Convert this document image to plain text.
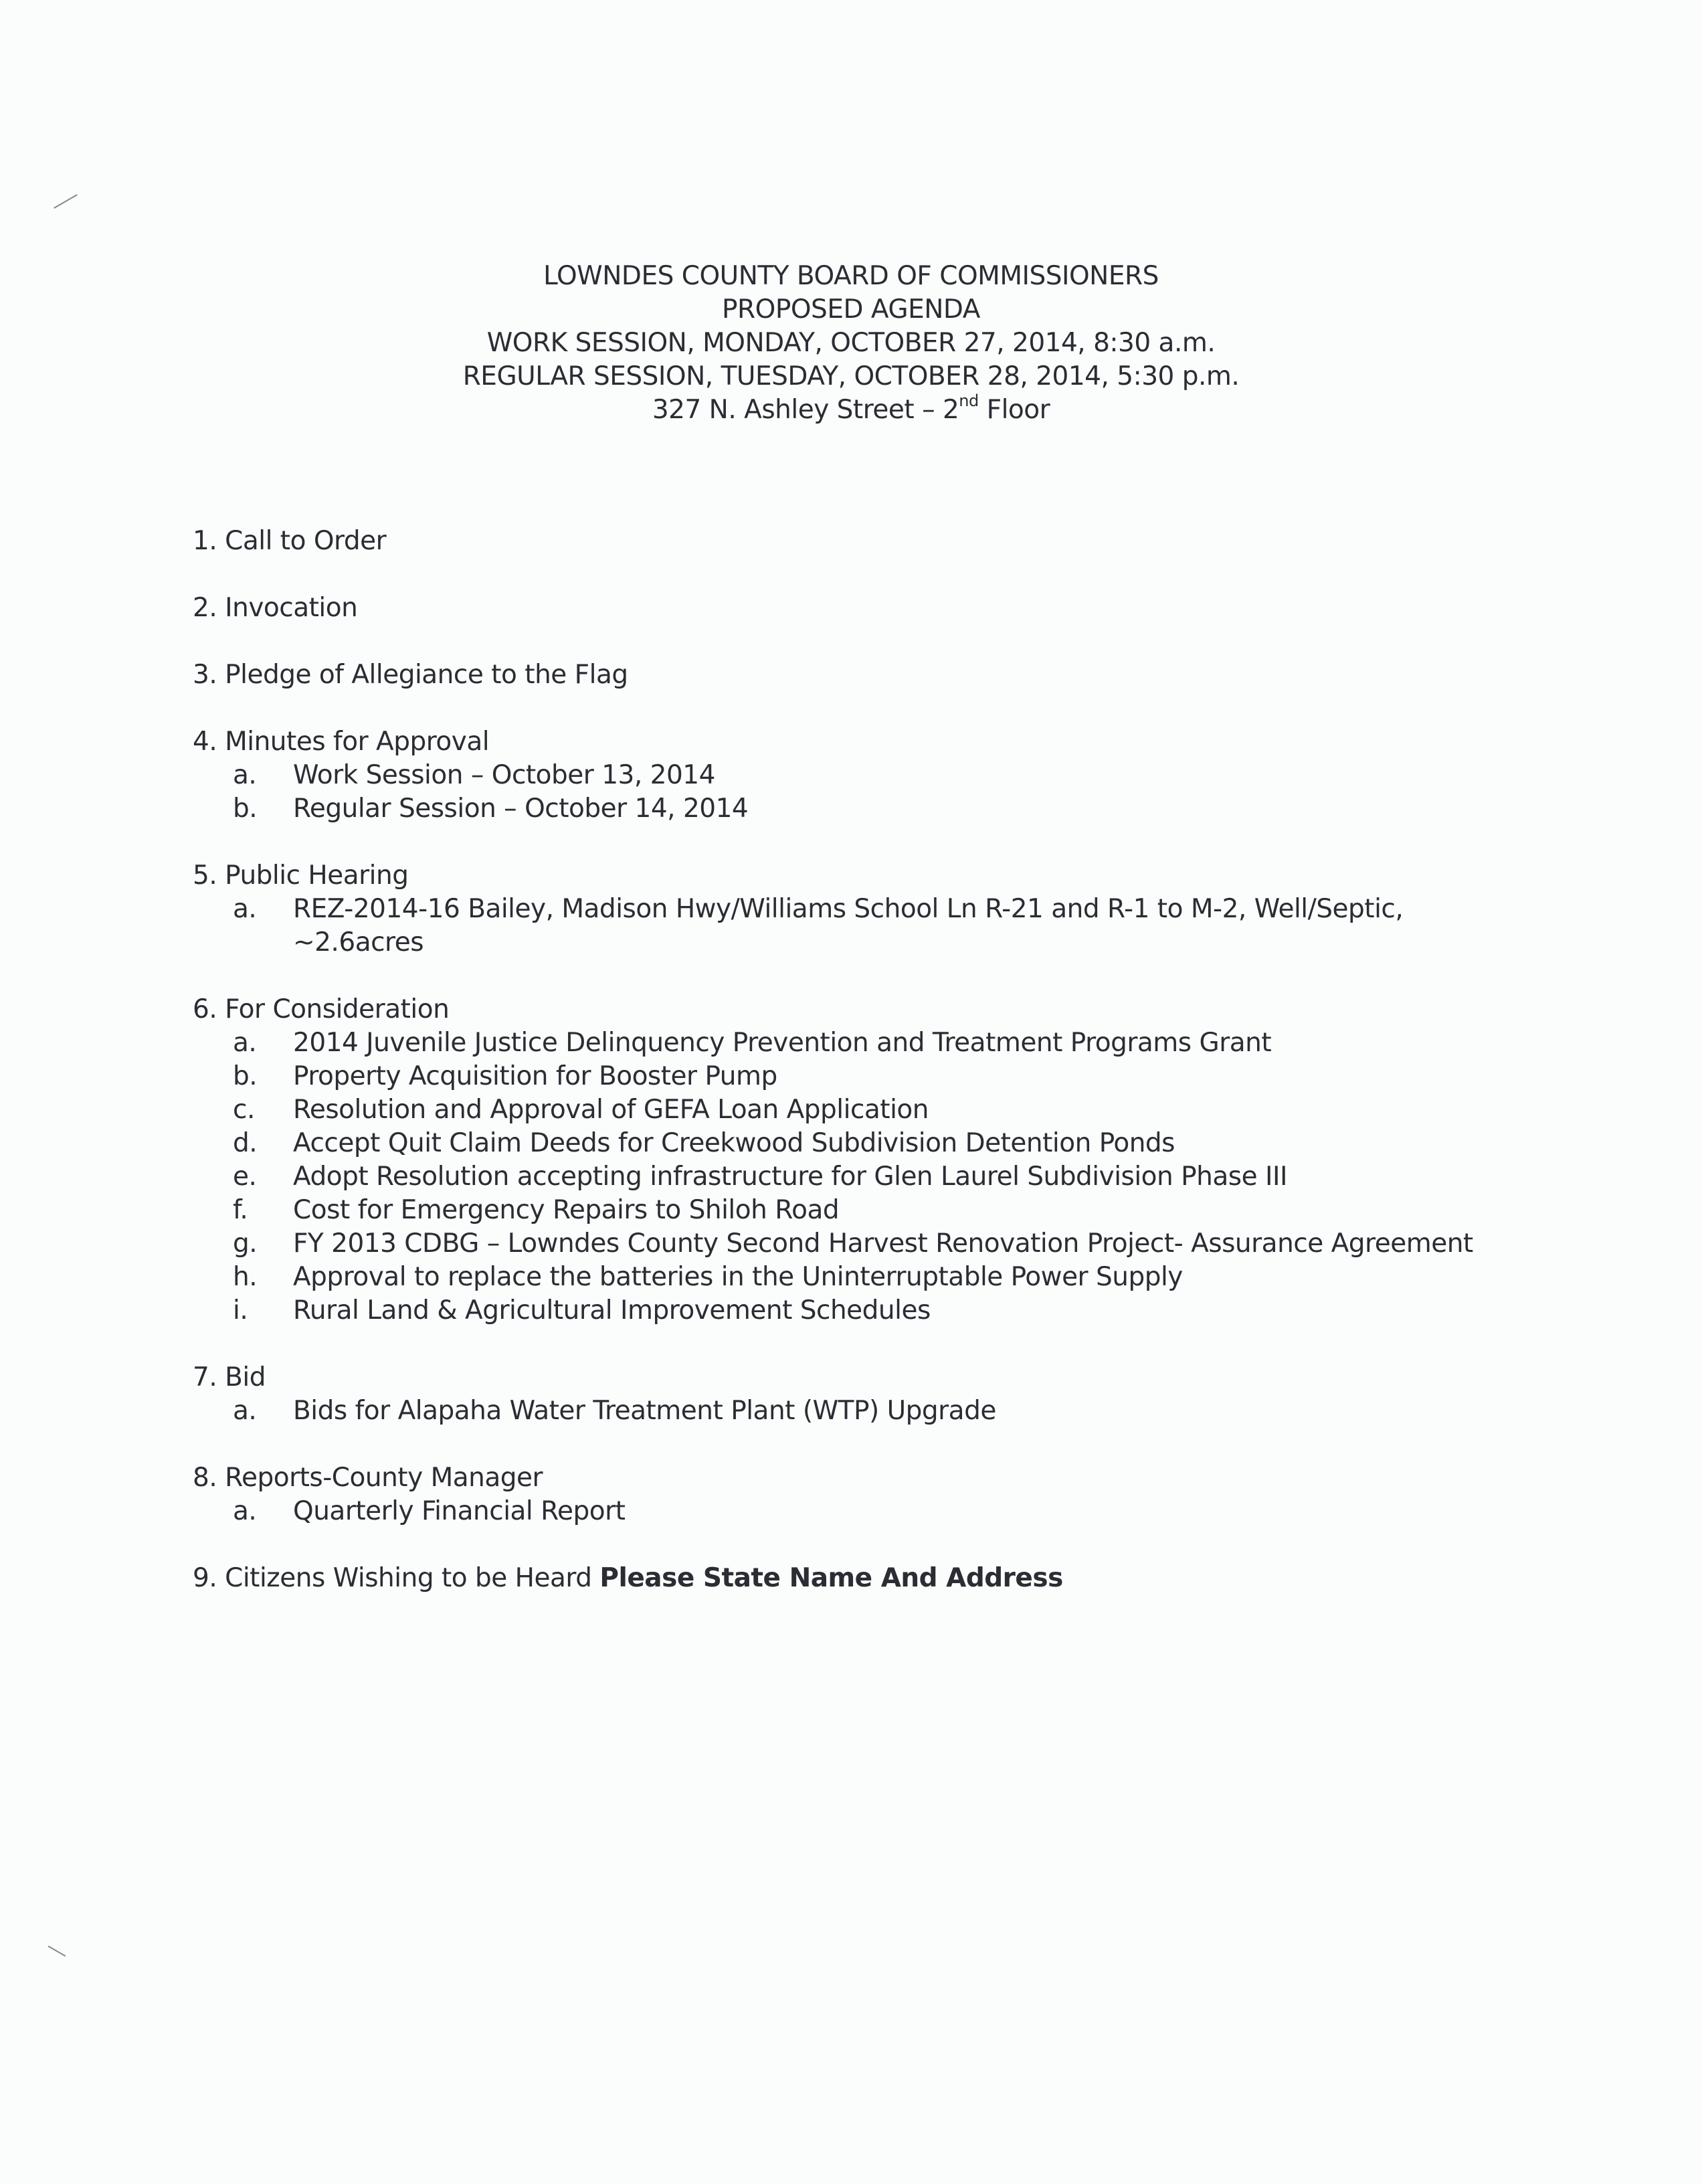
LOWNDES COUNTY BOARD OF COMMISSIONERS
PROPOSED AGENDA
WORK SESSION, MONDAY, OCTOBER 27, 2014, 8:30 a.m.
REGULAR SESSION, TUESDAY, OCTOBER 28, 2014, 5:30 p.m.
327 N. Ashley Street – 2nd Floor
1. Call to Order
2. Invocation
3. Pledge of Allegiance to the Flag
4. Minutes for Approval
a. Work Session – October 13, 2014
b. Regular Session – October 14, 2014
5. Public Hearing
a. REZ-2014-16 Bailey, Madison Hwy/Williams School Ln R-21 and R-1 to M-2, Well/Septic,
~2.6acres
6. For Consideration
a. 2014 Juvenile Justice Delinquency Prevention and Treatment Programs Grant
b. Property Acquisition for Booster Pump
c. Resolution and Approval of GEFA Loan Application
d. Accept Quit Claim Deeds for Creekwood Subdivision Detention Ponds
e. Adopt Resolution accepting infrastructure for Glen Laurel Subdivision Phase III
f. Cost for Emergency Repairs to Shiloh Road
g. FY 2013 CDBG – Lowndes County Second Harvest Renovation Project- Assurance Agreement
h. Approval to replace the batteries in the Uninterruptable Power Supply
i. Rural Land & Agricultural Improvement Schedules
7. Bid
a. Bids for Alapaha Water Treatment Plant (WTP) Upgrade
8. Reports-County Manager
a. Quarterly Financial Report
9. Citizens Wishing to be Heard Please State Name And Address
